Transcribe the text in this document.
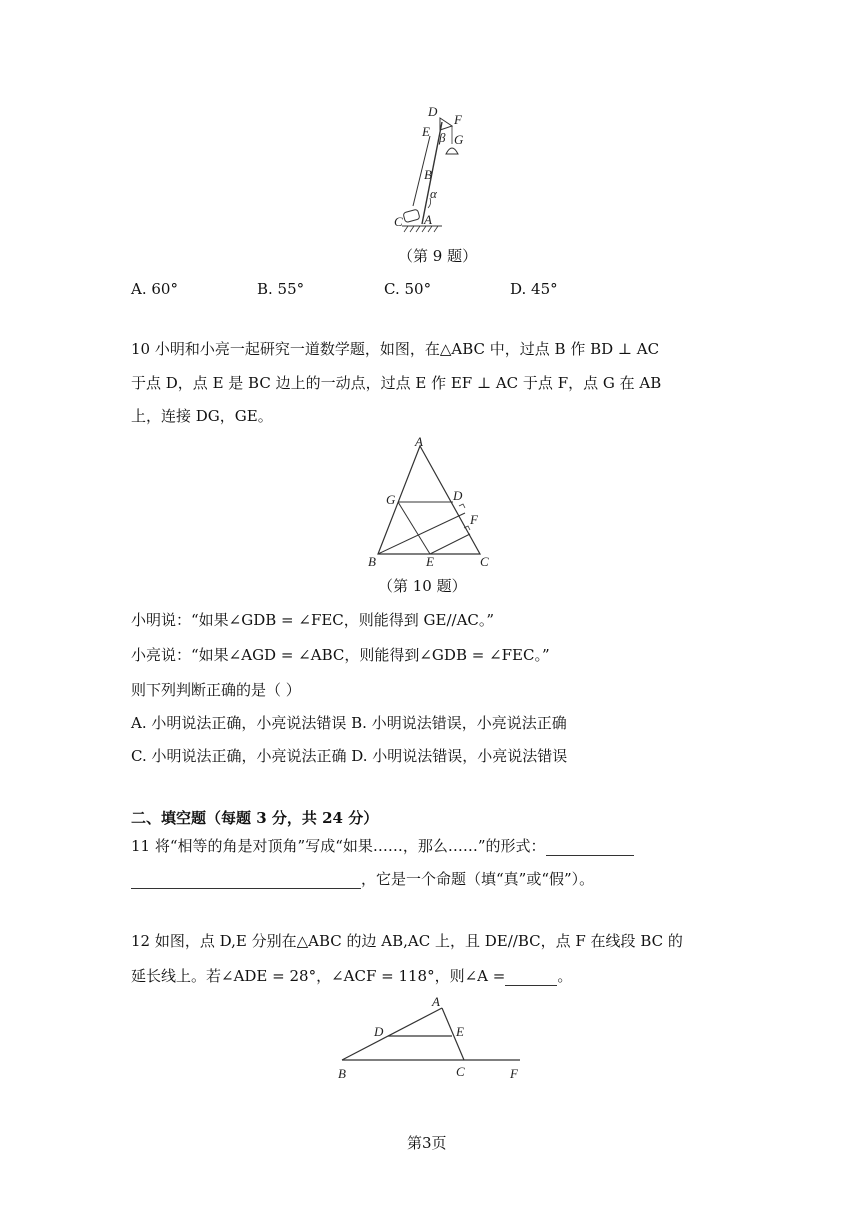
D
E
F
β G
B
α
C A
（第 9 题）
A. 60°	B. 55°	C. 50°	D. 45°
10 小明和小亮一起研究一道数学题，如图，在△ABC 中，过点 B 作 BD ⊥ AC
于点 D，点 E 是 BC 边上的一动点，过点 E 作 EF ⊥ AC 于点 F，点 G 在 AB
上，连接 DG，GE。
A
G	D
F
B	E	C
（第 10 题）
小明说：“如果∠GDB = ∠FEC，则能得到 GE//AC。”
小亮说：“如果∠AGD = ∠ABC，则能得到∠GDB = ∠FEC。”
则下列判断正确的是（ ）
A. 小明说法正确，小亮说法错误 B. 小明说法错误，小亮说法正确
C. 小明说法正确，小亮说法正确 D. 小明说法错误，小亮说法错误
二、填空题（每题 3 分，共 24 分）
11 将“相等的角是对顶角”写成“如果……，那么……”的形式：
，它是一个命题（填“真”或“假”）。
12 如图，点 D,E 分别在△ABC 的边 AB,AC 上，且 DE//BC，点 F 在线段 BC 的
延长线上。若∠ADE = 28°，∠ACF = 118°，则∠A =	。
A
D	E
B	C	F
第3页
